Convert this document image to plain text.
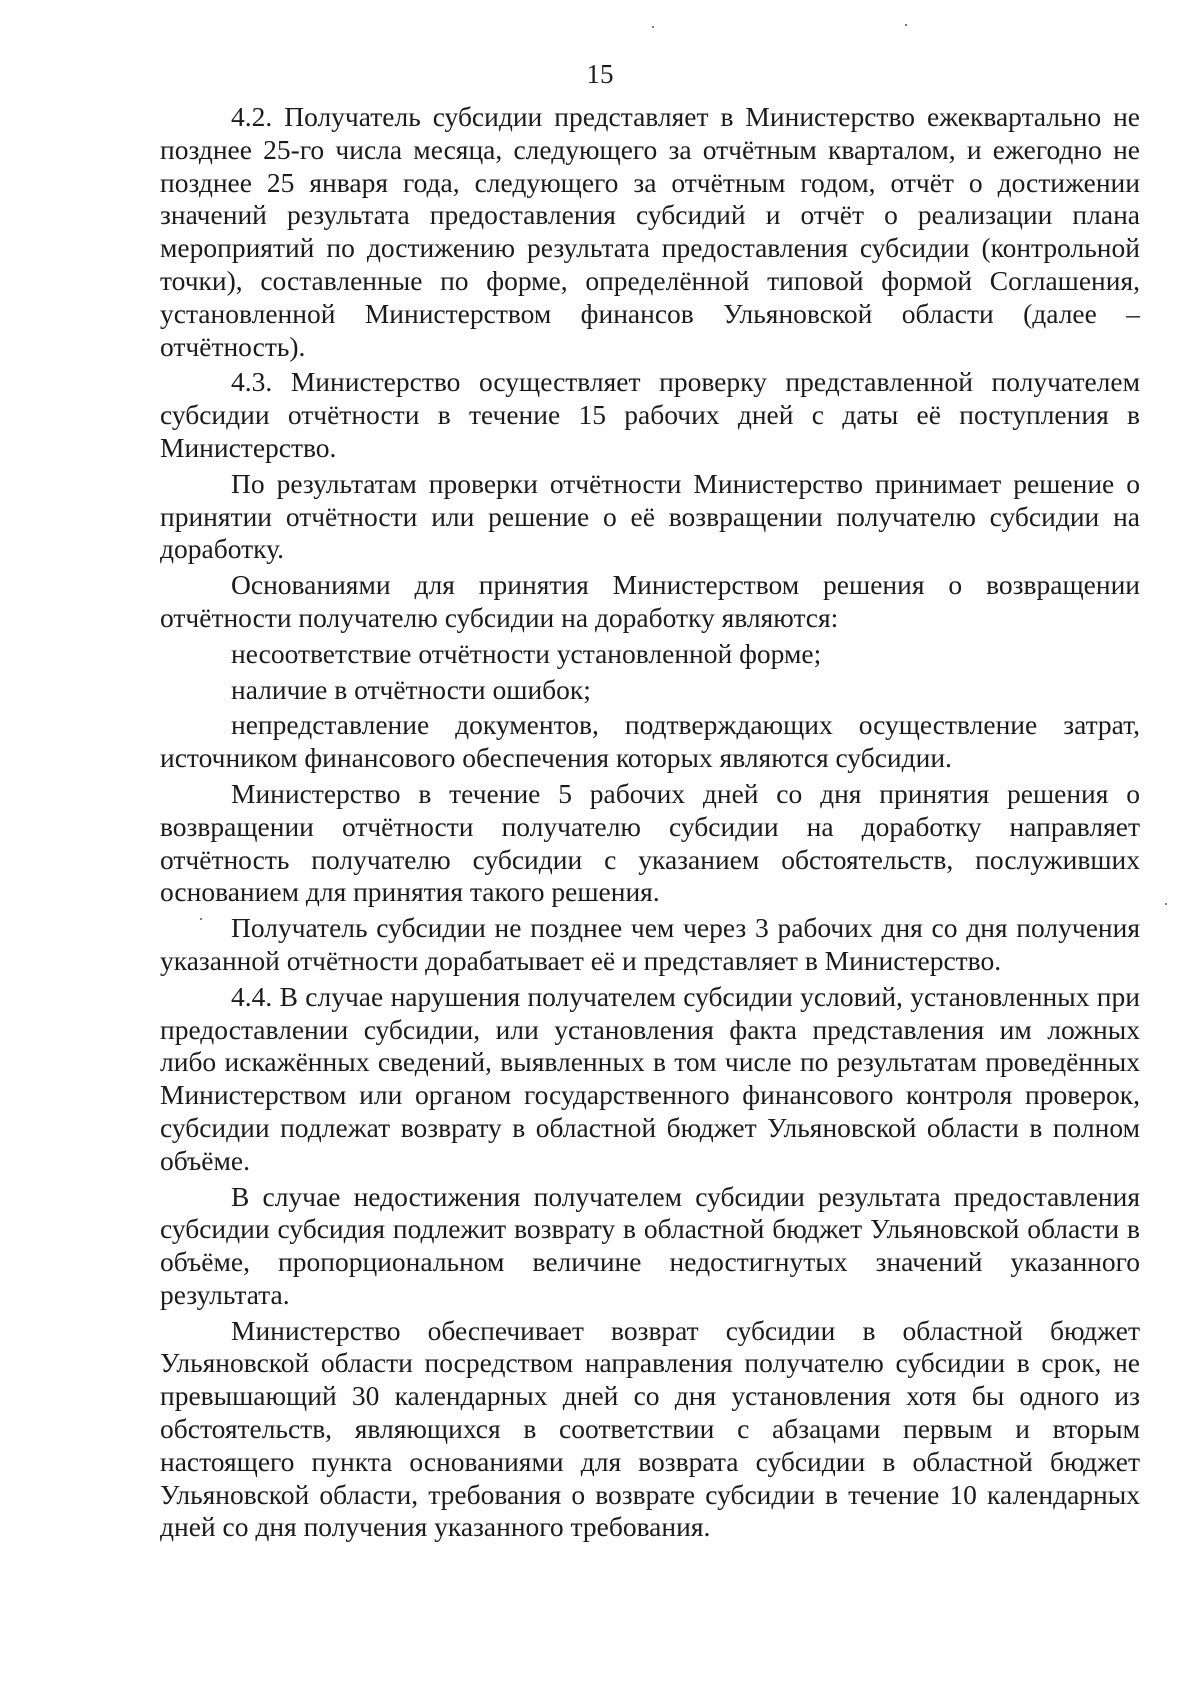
15

4.2. Получатель субсидии представляет в Министерство ежеквартально не позднее 25-го числа месяца, следующего за отчётным кварталом, и ежегодно не позднее 25 января года, следующего за отчётным годом, отчёт о достижении значений результата предоставления субсидий и отчёт о реализации плана мероприятий по достижению результата предоставления субсидии (контрольной точки), составленные по форме, определённой типовой формой Соглашения, установленной Министерством финансов Ульяновской области (далее – отчётность).

4.3. Министерство осуществляет проверку представленной получателем субсидии отчётности в течение 15 рабочих дней с даты её поступления в Министерство.

По результатам проверки отчётности Министерство принимает решение о принятии отчётности или решение о её возвращении получателю субсидии на доработку.

Основаниями для принятия Министерством решения о возвращении отчётности получателю субсидии на доработку являются:

несоответствие отчётности установленной форме;

наличие в отчётности ошибок;

непредставление документов, подтверждающих осуществление затрат, источником финансового обеспечения которых являются субсидии.

Министерство в течение 5 рабочих дней со дня принятия решения о возвращении отчётности получателю субсидии на доработку направляет отчётность получателю субсидии с указанием обстоятельств, послуживших основанием для принятия такого решения.

Получатель субсидии не позднее чем через 3 рабочих дня со дня получения указанной отчётности дорабатывает её и представляет в Министерство.

4.4. В случае нарушения получателем субсидии условий, установленных при предоставлении субсидии, или установления факта представления им ложных либо искажённых сведений, выявленных в том числе по результатам проведённых Министерством или органом государственного финансового контроля проверок, субсидии подлежат возврату в областной бюджет Ульяновской области в полном объёме.

В случае недостижения получателем субсидии результата предоставления субсидии субсидия подлежит возврату в областной бюджет Ульяновской области в объёме, пропорциональном величине недостигнутых значений указанного результата.

Министерство обеспечивает возврат субсидии в областной бюджет Ульяновской области посредством направления получателю субсидии в срок, не превышающий 30 календарных дней со дня установления хотя бы одного из обстоятельств, являющихся в соответствии с абзацами первым и вторым настоящего пункта основаниями для возврата субсидии в областной бюджет Ульяновской области, требования о возврате субсидии в течение 10 календарных дней со дня получения указанного требования.
